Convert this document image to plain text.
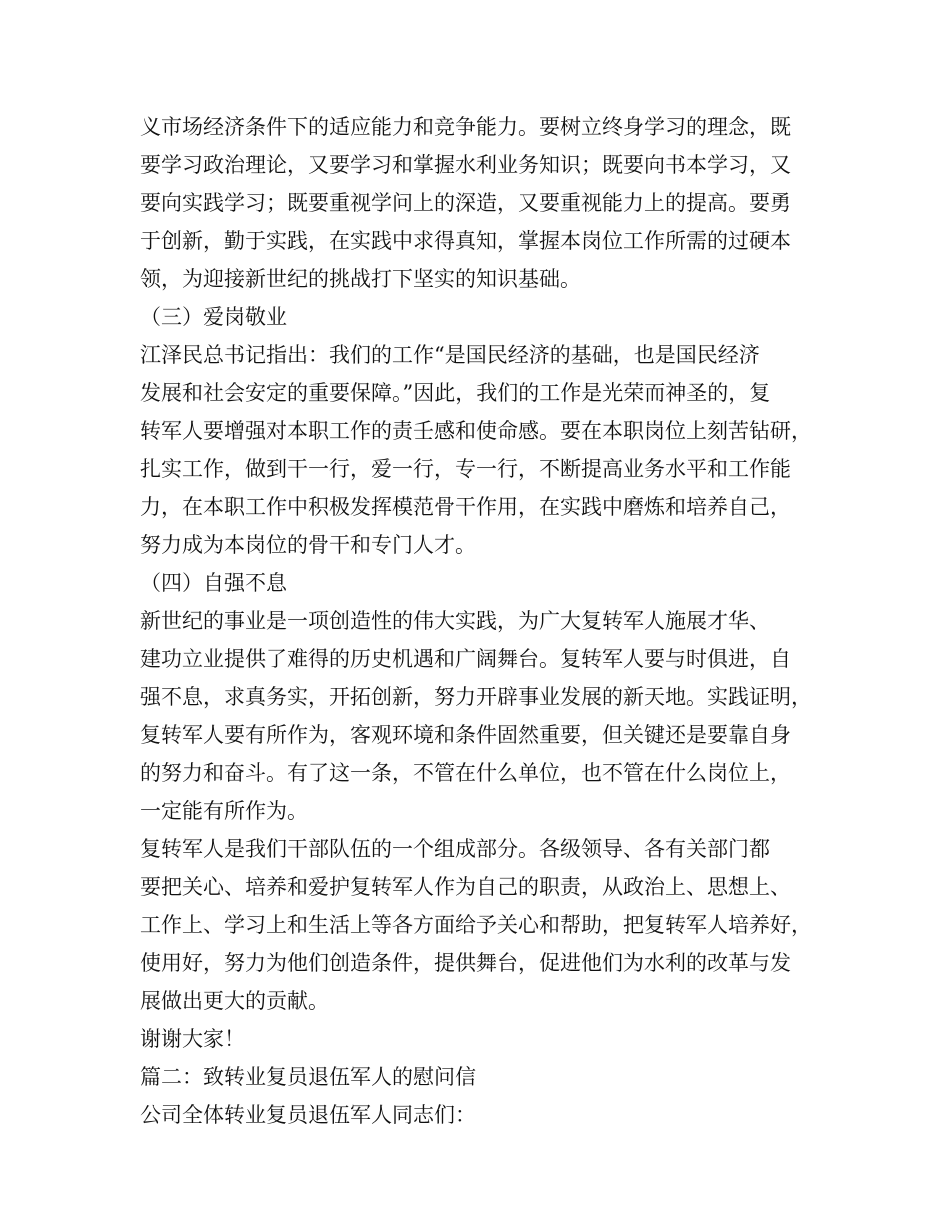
义市场经济条件下的适应能力和竞争能力。要树立终身学习的理念，既
要学习政治理论，又要学习和掌握水利业务知识；既要向书本学习，又
要向实践学习；既要重视学问上的深造，又要重视能力上的提高。要勇
于创新，勤于实践，在实践中求得真知，掌握本岗位工作所需的过硬本
领，为迎接新世纪的挑战打下坚实的知识基础。
（三）爱岗敬业
江泽民总书记指出：我们的工作“是国民经济的基础，也是国民经济
发展和社会安定的重要保障。”因此，我们的工作是光荣而神圣的，复
转军人要增强对本职工作的责壬感和使命感。要在本职岗位上刻苦钻研，
扎实工作，做到干一行，爱一行，专一行，不断提高业务水平和工作能
力，在本职工作中积极发挥模范骨干作用，在实践中磨炼和培养自己，
努力成为本岗位的骨干和专门人才。
（四）自强不息
新世纪的事业是一项创造性的伟大实践，为广大复转军人施展才华、
建功立业提供了难得的历史机遇和广阔舞台。复转军人要与时俱进，自
强不息，求真务实，开拓创新，努力开辟事业发展的新天地。实践证明，
复转军人要有所作为，客观环境和条件固然重要，但关键还是要靠自身
的努力和奋斗。有了这一条，不管在什么单位，也不管在什么岗位上，
一定能有所作为。
复转军人是我们干部队伍的一个组成部分。各级领导、各有关部门都
要把关心、培养和爱护复转军人作为自己的职责，从政治上、思想上、
工作上、学习上和生活上等各方面给予关心和帮助，把复转军人培养好，
使用好，努力为他们创造条件，提供舞台，促进他们为水利的改革与发
展做出更大的贡献。
谢谢大家！
篇二：致转业复员退伍军人的慰问信
公司全体转业复员退伍军人同志们：
